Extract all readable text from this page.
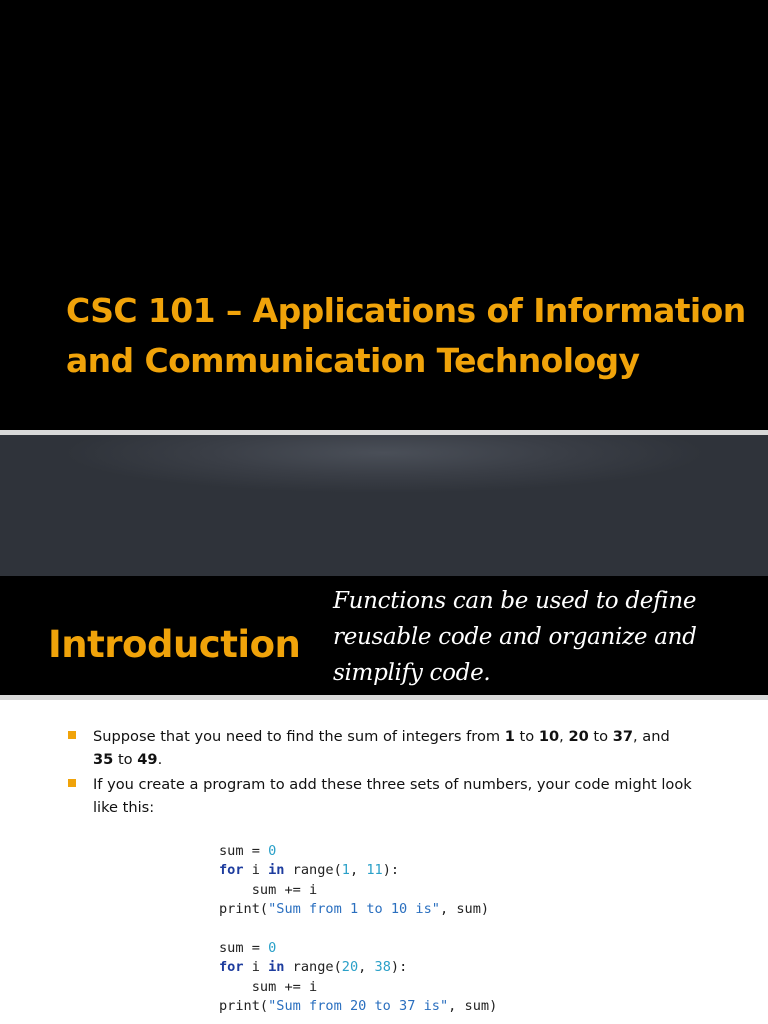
CSC 101 – Applications of Information
and Communication Technology
Introduction

Functions can be used to define
reusable code and organize and
simplify code.

Suppose that you need to find the sum of integers from 1 to 10, 20 to 37, and
35 to 49.
If you create a program to add these three sets of numbers, your code might look like this:
sum = 0
for i in range(1, 11):
sum += i
print("Sum from 1 to 10 is", sum)

sum = 0
for i in range(20, 38):
sum += i
print("Sum from 20 to 37 is", sum)
